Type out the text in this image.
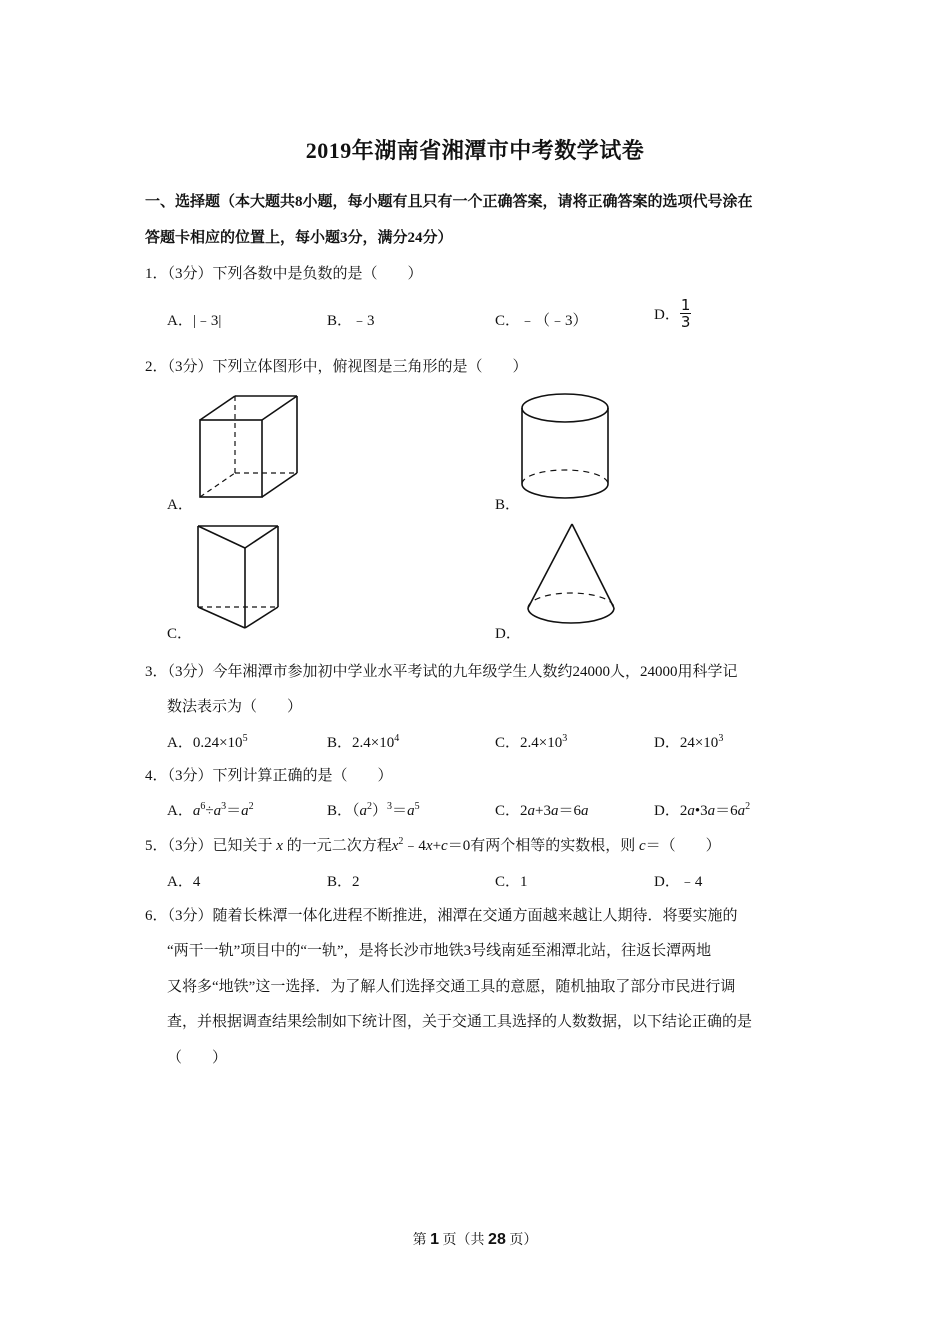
2019年湖南省湘潭市中考数学试卷
一、选择题（本大题共8小题，每小题有且只有一个正确答案，请将正确答案的选项代号涂在
答题卡相应的位置上，每小题3分，满分24分）
1．（3分）下列各数中是负数的是（　　）
A．|﹣3|	B．﹣3	C．﹣（﹣3）	D． $\frac{1}{3}$
2．（3分）下列立体图形中，俯视图是三角形的是（　　）
A．	B．
C．	D．
3．（3分）今年湘潭市参加初中学业水平考试的九年级学生人数约24000人，24000用科学记
数法表示为（　　）
A．$0.24\times 10^5$	B．$2.4\times 10^4$	C．$2.4\times 10^3$	D．$24\times 10^3$
4．（3分）下列计算正确的是（　　）
A．$a^6\div a^3=a^2$	B．$(a^2)^3=a^5$	C．2a+3a＝6a	D．$2a•3a=6a^2$
5．（3分）已知关于 x 的一元二次方程$x^2﹣4x+c=0$有两个相等的实数根，则 c＝（　　）
A．4	B．2	C．1	D．﹣4
6．（3分）随着长株潭一体化进程不断推进，湘潭在交通方面越来越让人期待．将要实施的
“两干一轨”项目中的“一轨”，是将长沙市地铁3号线南延至湘潭北站，往返长潭两地
又将多“地铁”这一选择．为了解人们选择交通工具的意愿，随机抽取了部分市民进行调
查，并根据调查结果绘制如下统计图，关于交通工具选择的人数数据，以下结论正确的是
（　　）
第 1 页（共 28 页）
